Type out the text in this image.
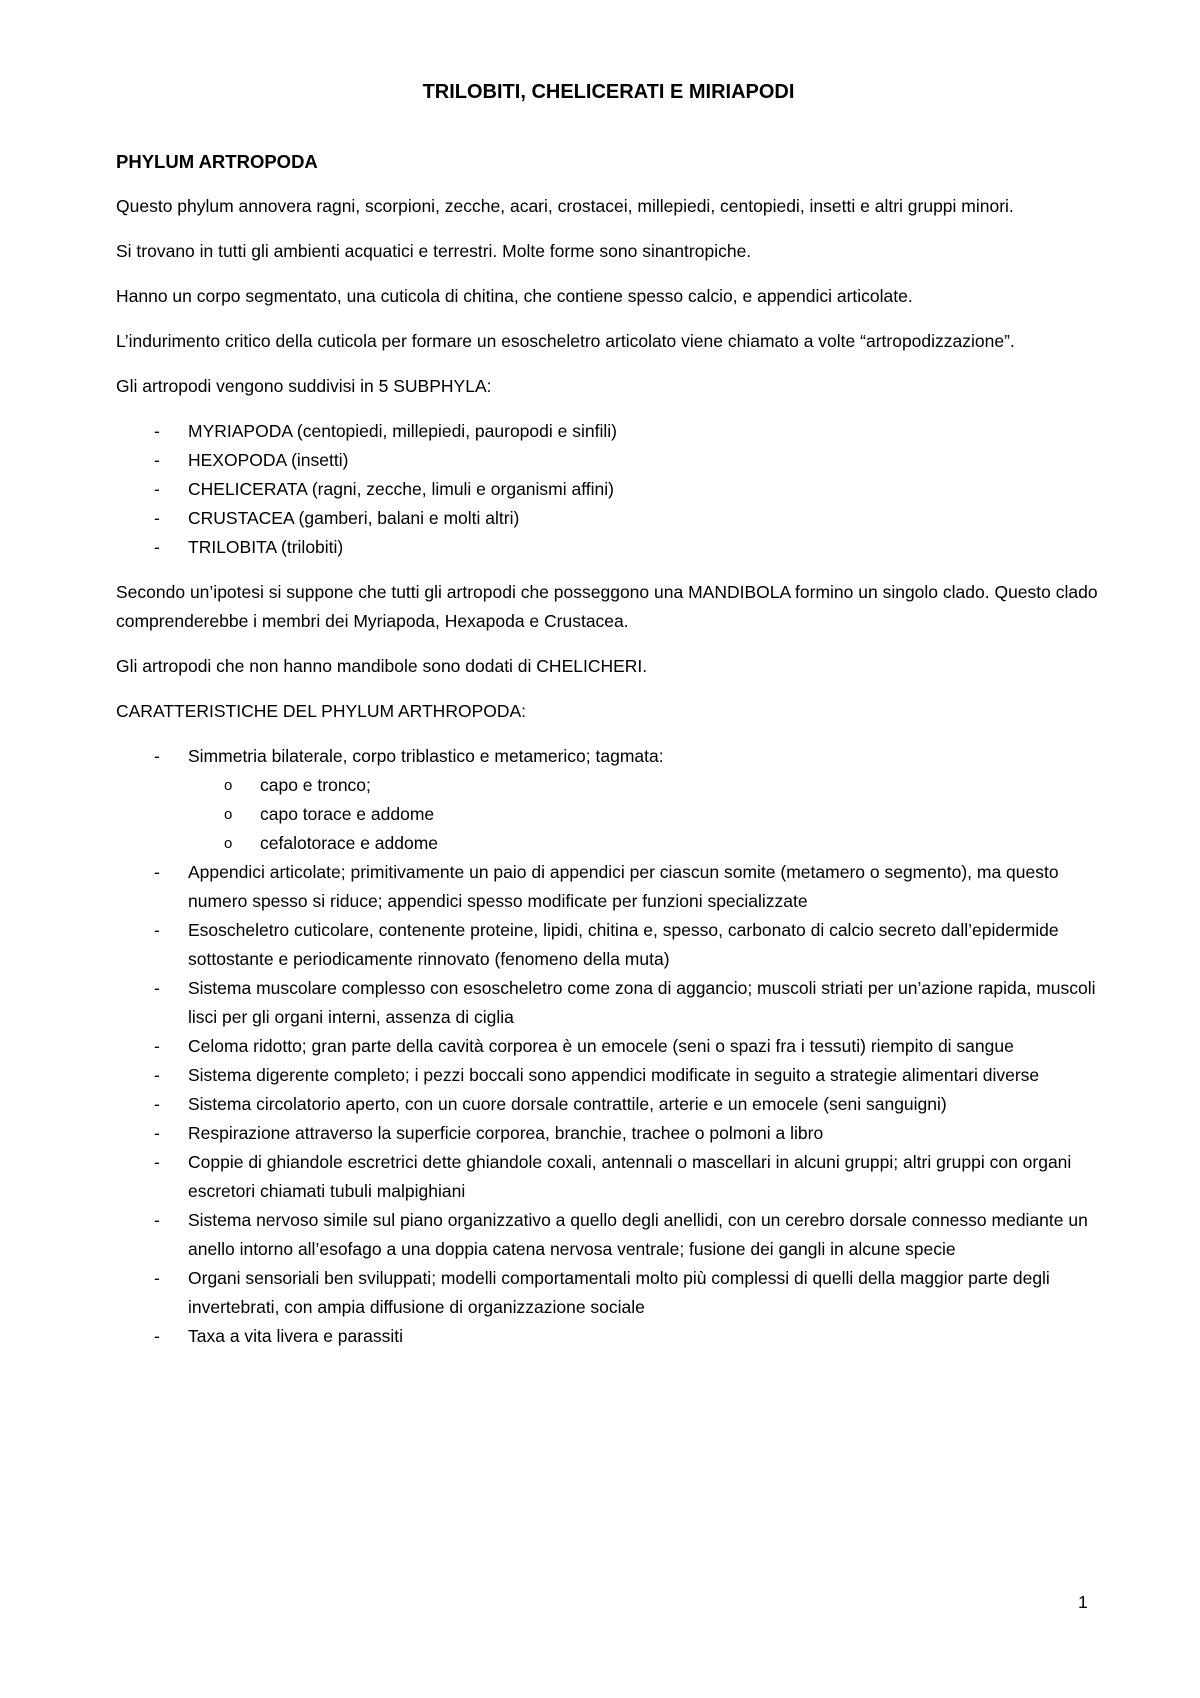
TRILOBITI, CHELICERATI E MIRIAPODI
PHYLUM ARTROPODA

Questo phylum annovera ragni, scorpioni, zecche, acari, crostacei, millepiedi, centopiedi, insetti e altri gruppi minori.

Si trovano in tutti gli ambienti acquatici e terrestri. Molte forme sono sinantropiche.

Hanno un corpo segmentato, una cuticola di chitina, che contiene spesso calcio, e appendici articolate.

L’indurimento critico della cuticola per formare un esoscheletro articolato viene chiamato a volte “artropodizzazione”.

Gli artropodi vengono suddivisi in 5 SUBPHYLA:

- MYRIAPODA (centopiedi, millepiedi, pauropodi e sinfili)
- HEXOPODA (insetti)
- CHELICERATA (ragni, zecche, limuli e organismi affini)
- CRUSTACEA (gamberi, balani e molti altri)
- TRILOBITA (trilobiti)

Secondo un’ipotesi si suppone che tutti gli artropodi che posseggono una MANDIBOLA formino un singolo clado. Questo clado comprenderebbe i membri dei Myriapoda, Hexapoda e Crustacea.

Gli artropodi che non hanno mandibole sono dodati di CHELICHERI.

CARATTERISTICHE DEL PHYLUM ARTHROPODA:

- Simmetria bilaterale, corpo triblastico e metamerico; tagmata:
o capo e tronco;
o capo torace e addome
o cefalotorace e addome
- Appendici articolate; primitivamente un paio di appendici per ciascun somite (metamero o segmento), ma questo numero spesso si riduce; appendici spesso modificate per funzioni specializzate
- Esoscheletro cuticolare, contenente proteine, lipidi, chitina e, spesso, carbonato di calcio secreto dall’epidermide sottostante e periodicamente rinnovato (fenomeno della muta)
- Sistema muscolare complesso con esoscheletro come zona di aggancio; muscoli striati per un’azione rapida, muscoli lisci per gli organi interni, assenza di ciglia
- Celoma ridotto; gran parte della cavità corporea è un emocele (seni o spazi fra i tessuti) riempito di sangue
- Sistema digerente completo; i pezzi boccali sono appendici modificate in seguito a strategie alimentari diverse
- Sistema circolatorio aperto, con un cuore dorsale contrattile, arterie e un emocele (seni sanguigni)
- Respirazione attraverso la superficie corporea, branchie, trachee o polmoni a libro
- Coppie di ghiandole escretrici dette ghiandole coxali, antennali o mascellari in alcuni gruppi; altri gruppi con organi escretori chiamati tubuli malpighiani
- Sistema nervoso simile sul piano organizzativo a quello degli anellidi, con un cerebro dorsale connesso mediante un anello intorno all’esofago a una doppia catena nervosa ventrale; fusione dei gangli in alcune specie
- Organi sensoriali ben sviluppati; modelli comportamentali molto più complessi di quelli della maggior parte degli invertebrati, con ampia diffusione di organizzazione sociale
- Taxa a vita livera e parassiti
1
